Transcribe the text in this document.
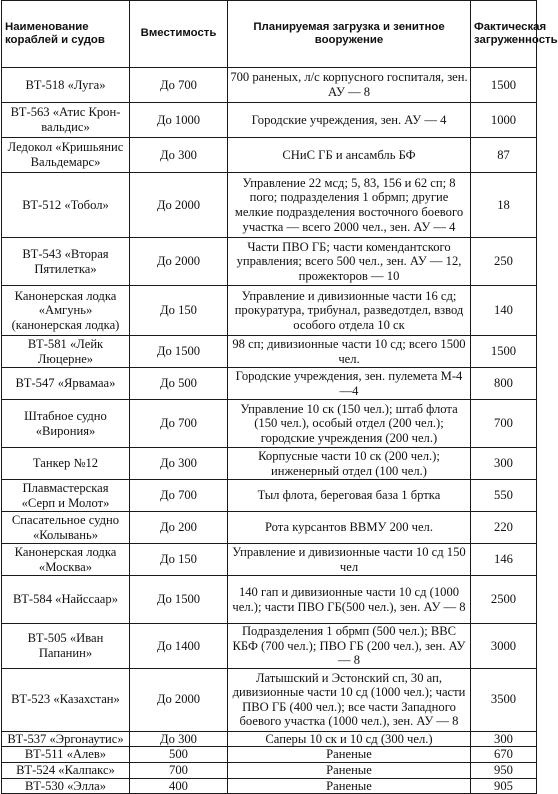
Наименование кораблей и судов	Вместимость	Планируемая загрузка и зенитное вооружение	Фактическая загруженность
ВТ-518 «Луга»	До 700	700 раненых, л/с корпусного госпиталя, зен. АУ — 8	1500
ВТ-563 «Атис Крон-вальдис»	До 1000	Городские учреждения, зен. АУ — 4	1000
Ледокол «Кришьянис Вальдемарс»	До 300	СНиС ГБ и ансамбль БФ	87
ВТ-512 «Тобол»	До 2000	Управление 22 мсд; 5, 83, 156 и 62 сп; 8 пого; подразделения 1 обрмп; другие мелкие подразделения восточного боевого участка — всего 2000 чел., зен. АУ — 4	18
ВТ-543 «Вторая Пятилетка»	До 2000	Части ПВО ГБ; части комендантского управления; всего 500 чел., зен. АУ — 12, прожекторов — 10	250
Канонерская лодка «Амгунь» (канонерская лодка)	До 150	Управление и дивизионные части 16 сд; прокуратура, трибунал, разведотдел, взвод особого отдела 10 ск	140
ВТ-581 «Лейк Люцерне»	До 1500	98 сп; дивизионные части 10 сд; всего 1500 чел.	1500
ВТ-547 «Ярвамаа»	До 500	Городские учреждения, зен. пулемета М-4—4	800
Штабное судно «Вирония»	До 700	Управление 10 ск (150 чел.); штаб флота (150 чел.), особый отдел (200 чел.); городские учреждения (200 чел.)	700
Танкер №12	До 300	Корпусные части 10 ск (200 чел.); инженерный отдел (100 чел.)	300
Плавмастерская «Серп и Молот»	До 700	Тыл флота, береговая база 1 бртка	550
Спасательное судно «Колывань»	До 200	Рота курсантов ВВМУ 200 чел.	220
Канонерская лодка «Москва»	До 150	Управление и дивизионные части 10 сд 150 чел	146
ВТ-584 «Найссаар»	До 1500	140 гап и дивизионные части 10 сд (1000 чел.); части ПВО ГБ(500 чел.), зен. АУ — 8	2500
ВТ-505 «Иван Папанин»	До 1400	Подразделения 1 обрмп (500 чел.); ВВС КБФ (700 чел.); ПВО ГБ (200 чел.), зен. АУ — 8	3000
ВТ-523 «Казахстан»	До 2000	Латышский и Эстонский сп, 30 ап, дивизионные части 10 сд (1000 чел.); части ПВО ГБ (400 чел.); все части Западного боевого участка (1000 чел.), зен. АУ — 8	3500
ВТ-537 «Эргонаутис»	До 300	Саперы 10 ск и 10 сд (300 чел.)	300
ВТ-511 «Алев»	500	Раненые	670
ВТ-524 «Калпакс»	700	Раненые	950
ВТ-530 «Элла»	400	Раненые	905
